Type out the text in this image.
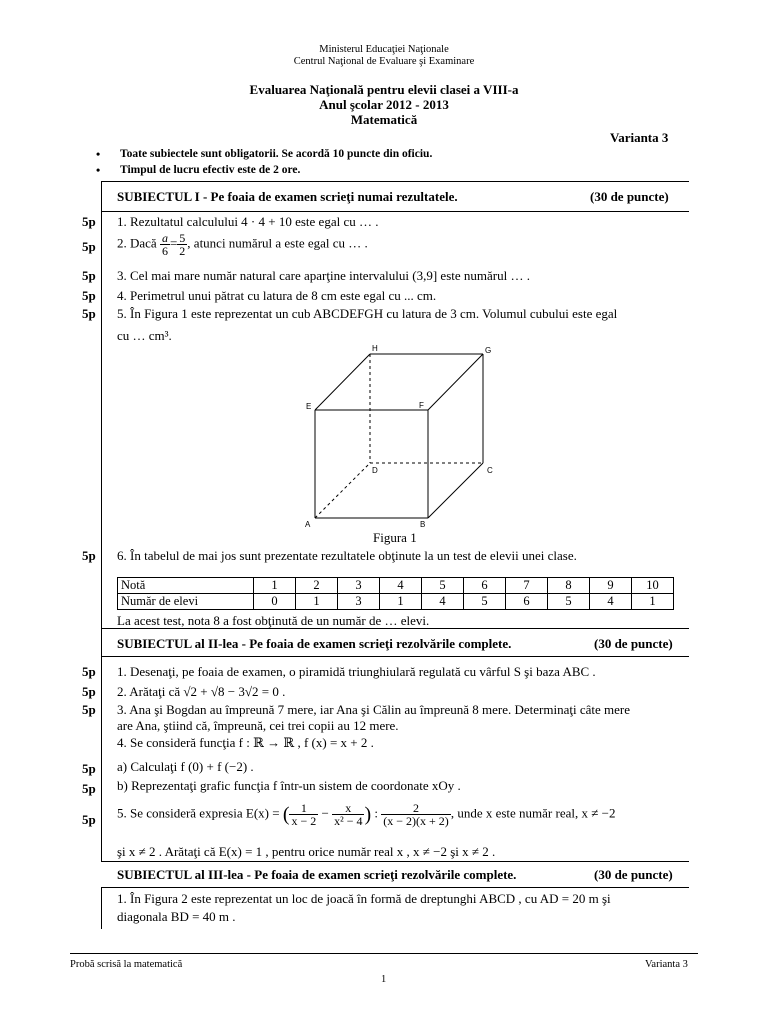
Ministerul Educaţiei Naţionale
Centrul Naţional de Evaluare şi Examinare
Evaluarea Naţională pentru elevii clasei a VIII-a
Anul şcolar 2012 - 2013
Matematică
Varianta 3
• Toate subiectele sunt obligatorii. Se acordă 10 puncte din oficiu.
• Timpul de lucru efectiv este de 2 ore.
SUBIECTUL I - Pe foaia de examen scrieţi numai rezultatele.	(30 de puncte)
5p 1. Rezultatul calculului 4 · 4 + 10 este egal cu … .
5p 2. Dacă $\frac{a}{6} = \frac{5}{2}$ , atunci numărul a este egal cu … .
5p 3. Cel mai mare număr natural care aparţine intervalului (3,9] este numărul … .
5p 4. Perimetrul unui pătrat cu latura de 8 cm este egal cu ... cm.
5p 5. În Figura 1 este reprezentat un cub ABCDEFGH cu latura de 3 cm. Volumul cubului este egal
cu … cm³.
H	G
E	F
D	C
A	B
Figura 1
5p 6. În tabelul de mai jos sunt prezentate rezultatele obţinute la un test de elevii unei clase.
Notă	1	2	3	4	5	6	7	8	9	10
Număr de elevi	0	1	3	1	4	5	6	5	4	1
La acest test, nota 8 a fost obţinută de un număr de … elevi.
SUBIECTUL al II-lea - Pe foaia de examen scrieţi rezolvările complete.	(30 de puncte)
5p 1. Desenaţi, pe foaia de examen, o piramidă triunghiulară regulată cu vârful S şi baza ABC .
5p 2. Arătaţi că √2 + √8 − 3√2 = 0 .
5p 3. Ana şi Bogdan au împreună 7 mere, iar Ana şi Călin au împreună 8 mere. Determinaţi câte mere
are Ana, ştiind că, împreună, cei trei copii au 12 mere.
4. Se consideră funcţia f : ℝ → ℝ , f (x) = x + 2 .
5p a) Calculaţi f (0) + f (−2) .
5p b) Reprezentaţi grafic funcţia f într-un sistem de coordonate xOy .
5p 5. Se consideră expresia E(x) = ( $\frac{1}{x - 2} - \frac{x}{\text{x² − 4}}$ ) : $\frac{2}{(x - 2)(x + 2)}$ , unde x este număr real, x ≠ −2
şi x ≠ 2 . Arătaţi că E(x) = 1 , pentru orice număr real x , x ≠ −2 şi x ≠ 2 .
SUBIECTUL al III-lea - Pe foaia de examen scrieţi rezolvările complete.	(30 de puncte)
1. În Figura 2 este reprezentat un loc de joacă în formă de dreptunghi ABCD , cu AD = 20 m şi
diagonala BD = 40 m .
Probă scrisă la matematică	Varianta 3
1
